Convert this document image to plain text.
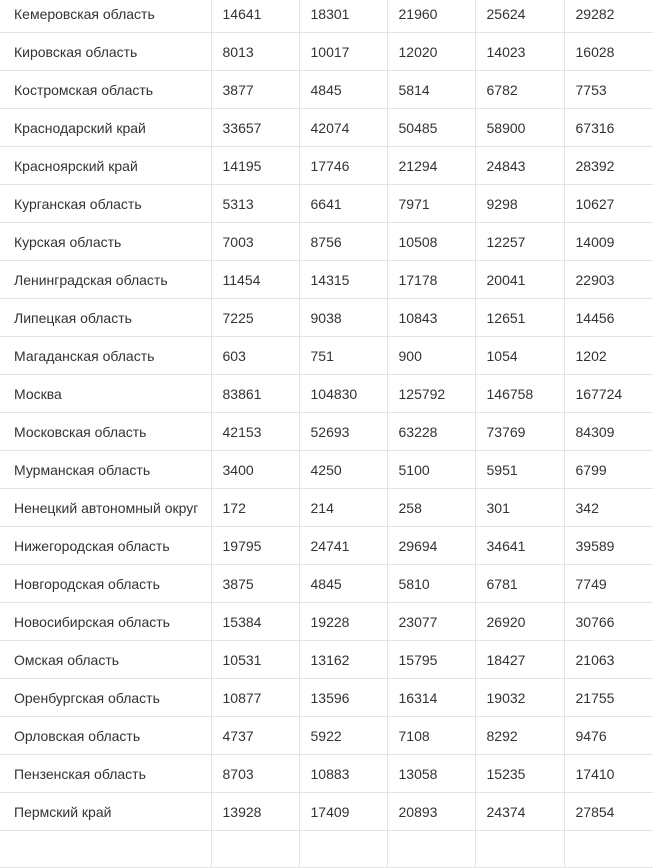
Кемеровская область	14641	18301	21960	25624	29282
Кировская область	8013	10017	12020	14023	16028
Костромская область	3877	4845	5814	6782	7753
Краснодарский край	33657	42074	50485	58900	67316
Красноярский край	14195	17746	21294	24843	28392
Курганская область	5313	6641	7971	9298	10627
Курская область	7003	8756	10508	12257	14009
Ленинградская область	11454	14315	17178	20041	22903
Липецкая область	7225	9038	10843	12651	14456
Магаданская область	603	751	900	1054	1202
Москва	83861	104830	125792	146758	167724
Московская область	42153	52693	63228	73769	84309
Мурманская область	3400	4250	5100	5951	6799
Ненецкий автономный округ	172	214	258	301	342
Нижегородская область	19795	24741	29694	34641	39589
Новгородская область	3875	4845	5810	6781	7749
Новосибирская область	15384	19228	23077	26920	30766
Омская область	10531	13162	15795	18427	21063
Оренбургская область	10877	13596	16314	19032	21755
Орловская область	4737	5922	7108	8292	9476
Пензенская область	8703	10883	13058	15235	17410
Пермский край	13928	17409	20893	24374	27854
